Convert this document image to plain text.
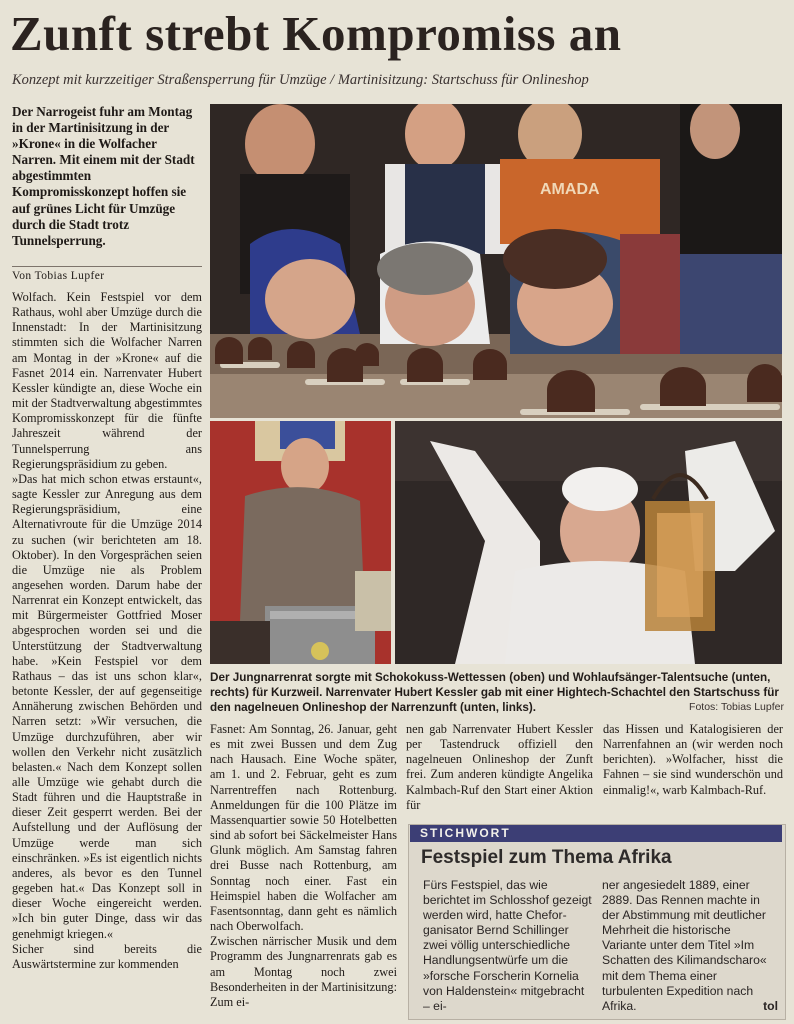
Zunft strebt Kompromiss an
Konzept mit kurzzeitiger Straßensperrung für Umzüge / Martinisitzung: Startschuss für Onlineshop
Der Narrogeist fuhr am Montag in der Martinisitzung in der »Krone« in die Wolfacher Narren. Mit einem mit der Stadt abgestimmten Kompromisskonzept hoffen sie auf grünes Licht für Umzüge durch die Stadt trotz Tunnelsperrung.
Von Tobias Lupfer

Wolfach. Kein Festspiel vor dem Rathaus, wohl aber Umzüge durch die Innenstadt: In der Martinisitzung stimmten sich die Wolfacher Narren am Montag in der »Krone« auf die Fasnet 2014 ein. Narrenvater Hubert Kessler kündigte an, diese Woche ein mit der Stadtverwaltung abgestimmtes Kompromisskonzept für die fünfte Jahreszeit während der Tunnelsperrung ans Regierungspräsidium zu geben.

»Das hat mich schon etwas erstaunt«, sagte Kessler zur Anregung aus dem Regierungspräsidium, eine Alternativroute für die Umzüge 2014 zu suchen (wir berichteten am 18. Oktober). In den Vorgesprächen seien die Umzüge nie als Problem angesehen worden. Darum habe der Narrenrat ein Konzept entwickelt, das mit Bürgermeister Gottfried Moser abgesprochen worden sei und die Unterstützung der Stadtverwaltung habe. »Kein Festspiel vor dem Rathaus – das ist uns schon klar«, betonte Kessler, der auf gegenseitige Annäherung zwischen Behörden und Narren setzt: »Wir versuchen, die Umzüge durchzuführen, aber wir wollen den Verkehr nicht zusätzlich belasten.« Nach dem Konzept sollen alle Umzüge wie gehabt durch die Stadt führen und die Hauptstraße in dieser Zeit gesperrt werden. Bei der Aufstellung und der Auflösung der Umzüge werde man sich einschränken. »Es ist eigentlich nichts anderes, als bevor es den Tunnel gegeben hat.« Das Konzept soll in dieser Woche eingereicht werden. »Ich bin guter Dinge, dass wir das genehmigt kriegen.«

Sicher sind bereits die Auswärtstermine zur kommenden

AMADA
Der Jungnarrenrat sorgte mit Schokokuss-Wettessen (oben) und Wohlaufsänger-Talentsuche (unten, rechts) für Kurzweil. Narrenvater Hubert Kessler gab mit einer Hightech-Schachtel den Startschuss für den nagelneuen Onlineshop der Narrenzunft (unten, links).	Fotos: Tobias Lupfer

Fasnet: Am Sonntag, 26. Januar, geht es mit zwei Bussen und dem Zug nach Hausach. Eine Woche später, am 1. und 2. Februar, geht es zum Narrentreffen nach Rottenburg. Anmeldungen für die 100 Plätze im Massenquartier sowie 50 Hotelbetten sind ab sofort bei Säckelmeister Hans Glunk möglich. Am Samstag fahren drei Busse nach Rottenburg, am Sonntag noch einer. Fast ein Heimspiel haben die Wolfacher am Fasentsonntag, dann geht es nämlich nach Oberwolfach.

Zwischen närrischer Musik und dem Programm des Jungnarrenrats gab es am Montag noch zwei Besonderheiten in der Martinisitzung: Zum ei-

nen gab Narrenvater Hubert Kessler per Tastendruck offiziell den nagelneuen Onlineshop der Zunft frei. Zum anderen kündigte Angelika Kalmbach-Ruf den Start einer Aktion für
das Hissen und Katalogisieren der Narrenfahnen an (wir werden noch berichten). »Wolfacher, hisst die Fahnen – sie sind wunderschön und einmalig!«, warb Kalmbach-Ruf.
STICHWORT
Festspiel zum Thema Afrika
Fürs Festspiel, das wie berichtet im Schlosshof gezeigt werden wird, hatte Cheforganisator Bernd Schillinger zwei völlig unterschiedliche Handlungsentwürfe um die »forsche Forscherin Kornelia von Haldenstein« mitgebracht – ei-
ner angesiedelt 1889, einer 2889. Das Rennen machte in der Abstimmung mit deutlicher Mehrheit die historische Variante unter dem Titel »Im Schatten des Kilimandscharo« mit dem Thema einer turbulenten Expedition nach Afrika.	tol
